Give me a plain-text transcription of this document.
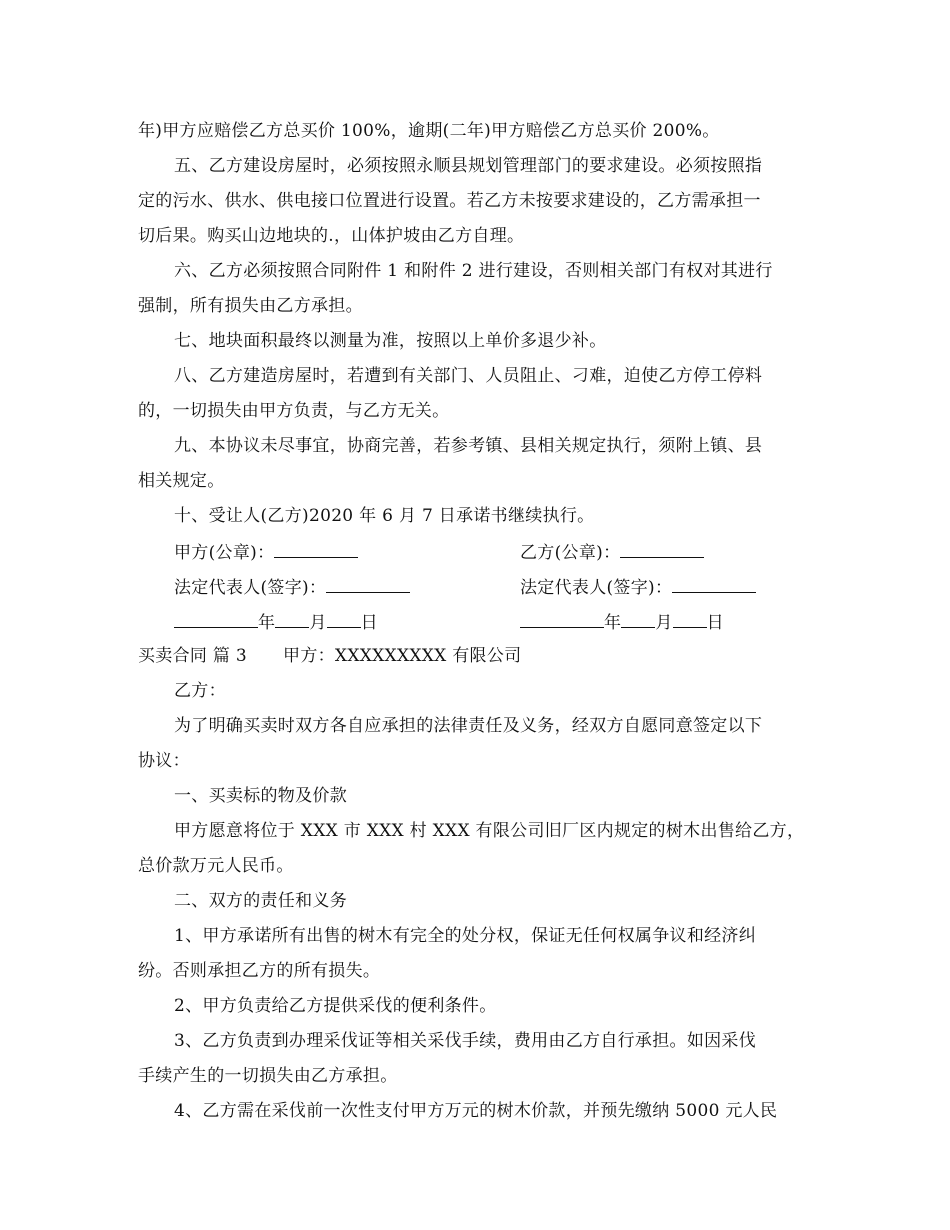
年)甲方应赔偿乙方总买价 100%，逾期(二年)甲方赔偿乙方总买价 200%。
五、乙方建设房屋时，必须按照永顺县规划管理部门的要求建设。必须按照指
定的污水、供水、供电接口位置进行设置。若乙方未按要求建设的，乙方需承担一
切后果。购买山边地块的.，山体护坡由乙方自理。
六、乙方必须按照合同附件 1 和附件 2 进行建设，否则相关部门有权对其进行
强制，所有损失由乙方承担。
七、地块面积最终以测量为准，按照以上单价多退少补。
八、乙方建造房屋时，若遭到有关部门、人员阻止、刁难，迫使乙方停工停料
的，一切损失由甲方负责，与乙方无关。
九、本协议未尽事宜，协商完善，若参考镇、县相关规定执行，须附上镇、县
相关规定。
十、受让人(乙方)2020 年 6 月 7 日承诺书继续执行。
甲方(公章)：	乙方(公章)：
法定代表人(签字)：	法定代表人(签字)：
年 月 日	年 月 日
买卖合同 篇 3 甲方：XXXXXXXXX 有限公司
乙方：
为了明确买卖时双方各自应承担的法律责任及义务，经双方自愿同意签定以下
协议：
一、买卖标的物及价款
甲方愿意将位于 XXX 市 XXX 村 XXX 有限公司旧厂区内规定的树木出售给乙方，
总价款万元人民币。
二、双方的责任和义务
1、甲方承诺所有出售的树木有完全的处分权，保证无任何权属争议和经济纠
纷。否则承担乙方的所有损失。
2、甲方负责给乙方提供采伐的便利条件。
3、乙方负责到办理采伐证等相关采伐手续，费用由乙方自行承担。如因采伐
手续产生的一切损失由乙方承担。
4、乙方需在采伐前一次性支付甲方万元的树木价款，并预先缴纳 5000 元人民
